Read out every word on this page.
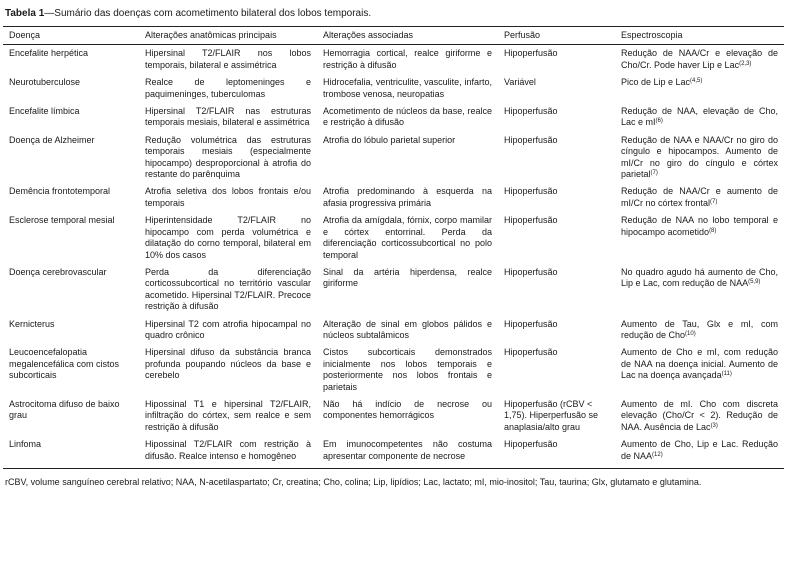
Tabela 1—Sumário das doenças com acometimento bilateral dos lobos temporais.
Doença	Alterações anatômicas principais	Alterações associadas	Perfusão	Espectroscopia
Encefalite herpética	Hipersinal T2/FLAIR nos lobos temporais, bilateral e assimétrica	Hemorragia cortical, realce giriforme e restrição à difusão	Hipoperfusão	Redução de NAA/Cr e elevação de Cho/Cr. Pode haver Lip e Lac$^{(2,3)}$
Neurotuberculose	Realce de leptomeninges e paquimeninges, tuberculomas	Hidrocefalia, ventriculite, vasculite, infarto, trombose venosa, neuropatias	Variável	Pico de Lip e Lac$^{(4,5)}$
Encefalite límbica	Hipersinal T2/FLAIR nas estruturas temporais mesiais, bilateral e assimétrica	Acometimento de núcleos da base, realce e restrição à difusão	Hipoperfusão	Redução de NAA, elevação de Cho, Lac e $mI^{(6)}$
Doença de Alzheimer	Redução volumétrica das estruturas temporais mesiais (especialmente hipocampo) desproporcional à atrofia do restante do parênquima	Atrofia do lóbulo parietal superior	Hipoperfusão	Redução de NAA e NAA/Cr no giro do cíngulo e hipocampos. Aumento de mI/Cr no giro do cíngulo e córtex parietal$^{(7)}$
Demência frontotemporal	Atrofia seletiva dos lobos frontais e/ou temporais	Atrofia predominando à esquerda na afasia progressiva primária	Hipoperfusão	Redução de NAA/Cr e aumento de mI/Cr no córtex frontal$^{(7)}$
Esclerose temporal mesial	Hiperintensidade T2/FLAIR no hipocampo com perda volumétrica e dilatação do corno temporal, bilateral em 10% dos casos	Atrofia da amígdala, fórnix, corpo mamilar e córtex entorrinal. Perda da diferenciação corticossubcortical no polo temporal	Hipoperfusão	Redução de NAA no lobo temporal e hipocampo acometido$^{(8)}$
Doença cerebrovascular	Perda da diferenciação corticossubcortical no território vascular acometido. Hipersinal T2/FLAIR. Precoce restrição à difusão	Sinal da artéria hiperdensa, realce giriforme	Hipoperfusão	No quadro agudo há aumento de Cho, Lip e Lac, com redução de NAA$^{(5,9)}$
Kernicterus	Hipersinal T2 com atrofia hipocampal no quadro crônico	Alteração de sinal em globos pálidos e núcleos subtalâmicos	Hipoperfusão	Aumento de Tau, Glx e mI, com redução de Cho$^{(10)}$
Leucoencefalopatia megalencefálica com cistos subcorticais	Hipersinal difuso da substância branca profunda poupando núcleos da base e cerebelo	Cistos subcorticais demonstrados inicialmente nos lobos temporais e posteriormente nos lobos frontais e parietais	Hipoperfusão	Aumento de Cho e mI, com redução de NAA na doença inicial. Aumento de Lac na doença avançada$^{(11)}$
Astrocitoma difuso de baixo grau	Hipossinal T1 e hipersinal T2/FLAIR, infiltração do córtex, sem realce e sem restrição à difusão	Não há indício de necrose ou componentes hemorrágicos	Hipoperfusão (rCBV < 1,75). Hiperperfusão se anaplasia/alto grau	Aumento de mI. Cho com discreta elevação (Cho/Cr < 2). Redução de NAA. Ausência de Lac$^{(3)}$
Linfoma	Hipossinal T2/FLAIR com restrição à difusão. Realce intenso e homogêneo	Em imunocompetentes não costuma apresentar componente de necrose	Hipoperfusão	Aumento de Cho, Lip e Lac. Redução de NAA$^{(12)}$
rCBV, volume sanguíneo cerebral relativo; NAA, N-acetilaspartato; Cr, creatina; Cho, colina; Lip, lipídios; Lac, lactato; mI, mio-inositol; Tau, taurina; Glx, glutamato e glutamina.
